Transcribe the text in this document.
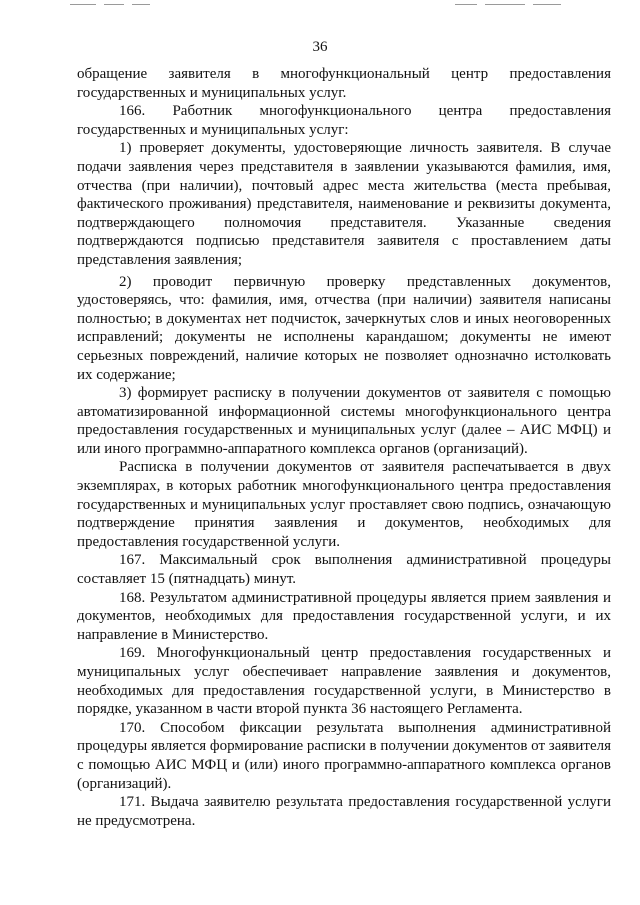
36

обращение заявителя в многофункциональный центр предоставления государственных и муниципальных услуг.

166. Работник многофункционального центра предоставления государственных и муниципальных услуг:

1) проверяет документы, удостоверяющие личность заявителя. В случае подачи заявления через представителя в заявлении указываются фамилия, имя, отчества (при наличии), почтовый адрес места жительства (места пребывая, фактического проживания) представителя, наименование и реквизиты документа, подтверждающего полномочия представителя. Указанные сведения подтверждаются подписью представителя заявителя с проставлением даты представления заявления;

2) проводит первичную проверку представленных документов, удостоверяясь, что: фамилия, имя, отчества (при наличии) заявителя написаны полностью; в документах нет подчисток, зачеркнутых слов и иных неоговоренных исправлений; документы не исполнены карандашом; документы не имеют серьезных повреждений, наличие которых не позволяет однозначно истолковать их содержание;

3) формирует расписку в получении документов от заявителя с помощью автоматизированной информационной системы многофункционального центра предоставления государственных и муниципальных услуг (далее – АИС МФЦ) и или иного программно-аппаратного комплекса органов (организаций).

Расписка в получении документов от заявителя распечатывается в двух экземплярах, в которых работник многофункционального центра предоставления государственных и муниципальных услуг проставляет свою подпись, означающую подтверждение принятия заявления и документов, необходимых для предоставления государственной услуги.

167. Максимальный срок выполнения административной процедуры составляет 15 (пятнадцать) минут.

168. Результатом административной процедуры является прием заявления и документов, необходимых для предоставления государственной услуги, и их направление в Министерство.

169. Многофункциональный центр предоставления государственных и муниципальных услуг обеспечивает направление заявления и документов, необходимых для предоставления государственной услуги, в Министерство в порядке, указанном в части второй пункта 36 настоящего Регламента.

170. Способом фиксации результата выполнения административной процедуры является формирование расписки в получении документов от заявителя с помощью АИС МФЦ и (или) иного программно-аппаратного комплекса органов (организаций).

171. Выдача заявителю результата предоставления государственной услуги не предусмотрена.
